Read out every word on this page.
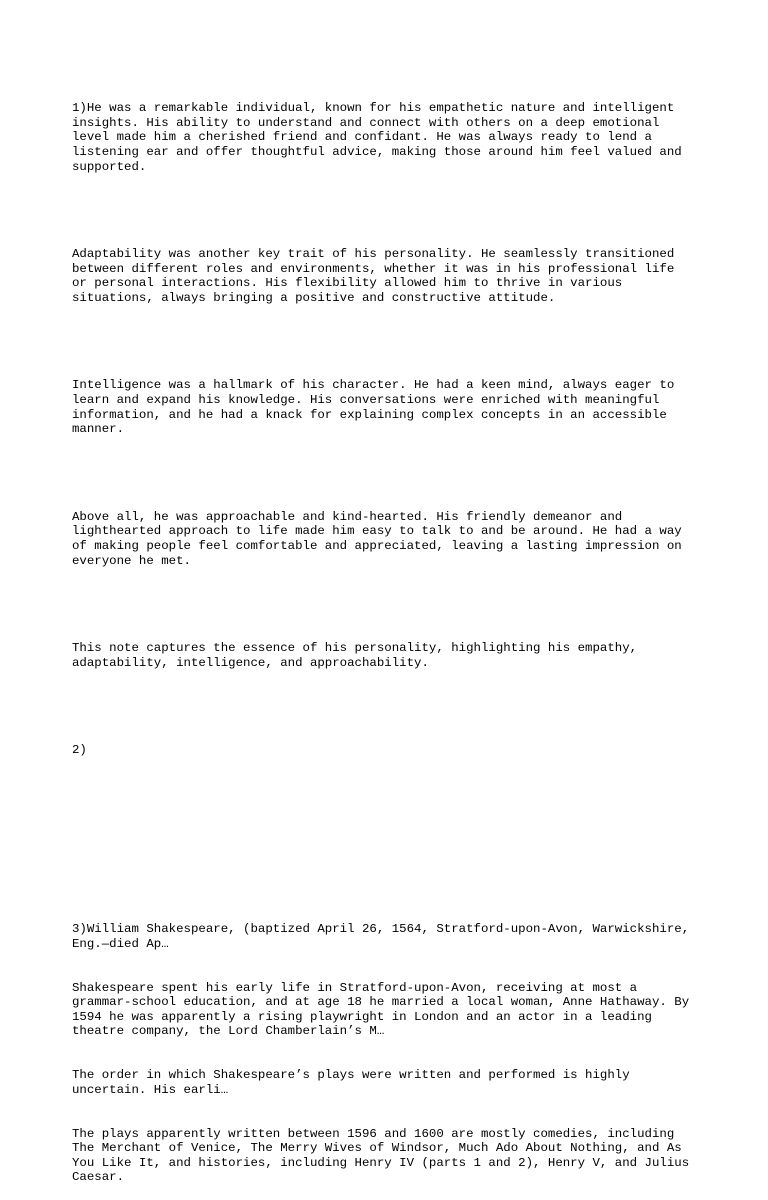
1)He was a remarkable individual, known for his empathetic nature and intelligent
insights. His ability to understand and connect with others on a deep emotional
level made him a cherished friend and confidant. He was always ready to lend a
listening ear and offer thoughtful advice, making those around him feel valued and
supported.

Adaptability was another key trait of his personality. He seamlessly transitioned
between different roles and environments, whether it was in his professional life
or personal interactions. His flexibility allowed him to thrive in various
situations, always bringing a positive and constructive attitude.

Intelligence was a hallmark of his character. He had a keen mind, always eager to
learn and expand his knowledge. His conversations were enriched with meaningful
information, and he had a knack for explaining complex concepts in an accessible
manner.

Above all, he was approachable and kind-hearted. His friendly demeanor and
lighthearted approach to life made him easy to talk to and be around. He had a way
of making people feel comfortable and appreciated, leaving a lasting impression on
everyone he met.

This note captures the essence of his personality, highlighting his empathy,
adaptability, intelligence, and approachability.

2)

3)William Shakespeare, (baptized April 26, 1564, Stratford-upon-Avon, Warwickshire,
Eng.—died Ap…

Shakespeare spent his early life in Stratford-upon-Avon, receiving at most a
grammar-school education, and at age 18 he married a local woman, Anne Hathaway. By
1594 he was apparently a rising playwright in London and an actor in a leading
theatre company, the Lord Chamberlain’s M…

The order in which Shakespeare’s plays were written and performed is highly
uncertain. His earli…

The plays apparently written between 1596 and 1600 are mostly comedies, including
The Merchant of Venice, The Merry Wives of Windsor, Much Ado About Nothing, and As
You Like It, and histories, including Henry IV (parts 1 and 2), Henry V, and Julius
Caesar.
